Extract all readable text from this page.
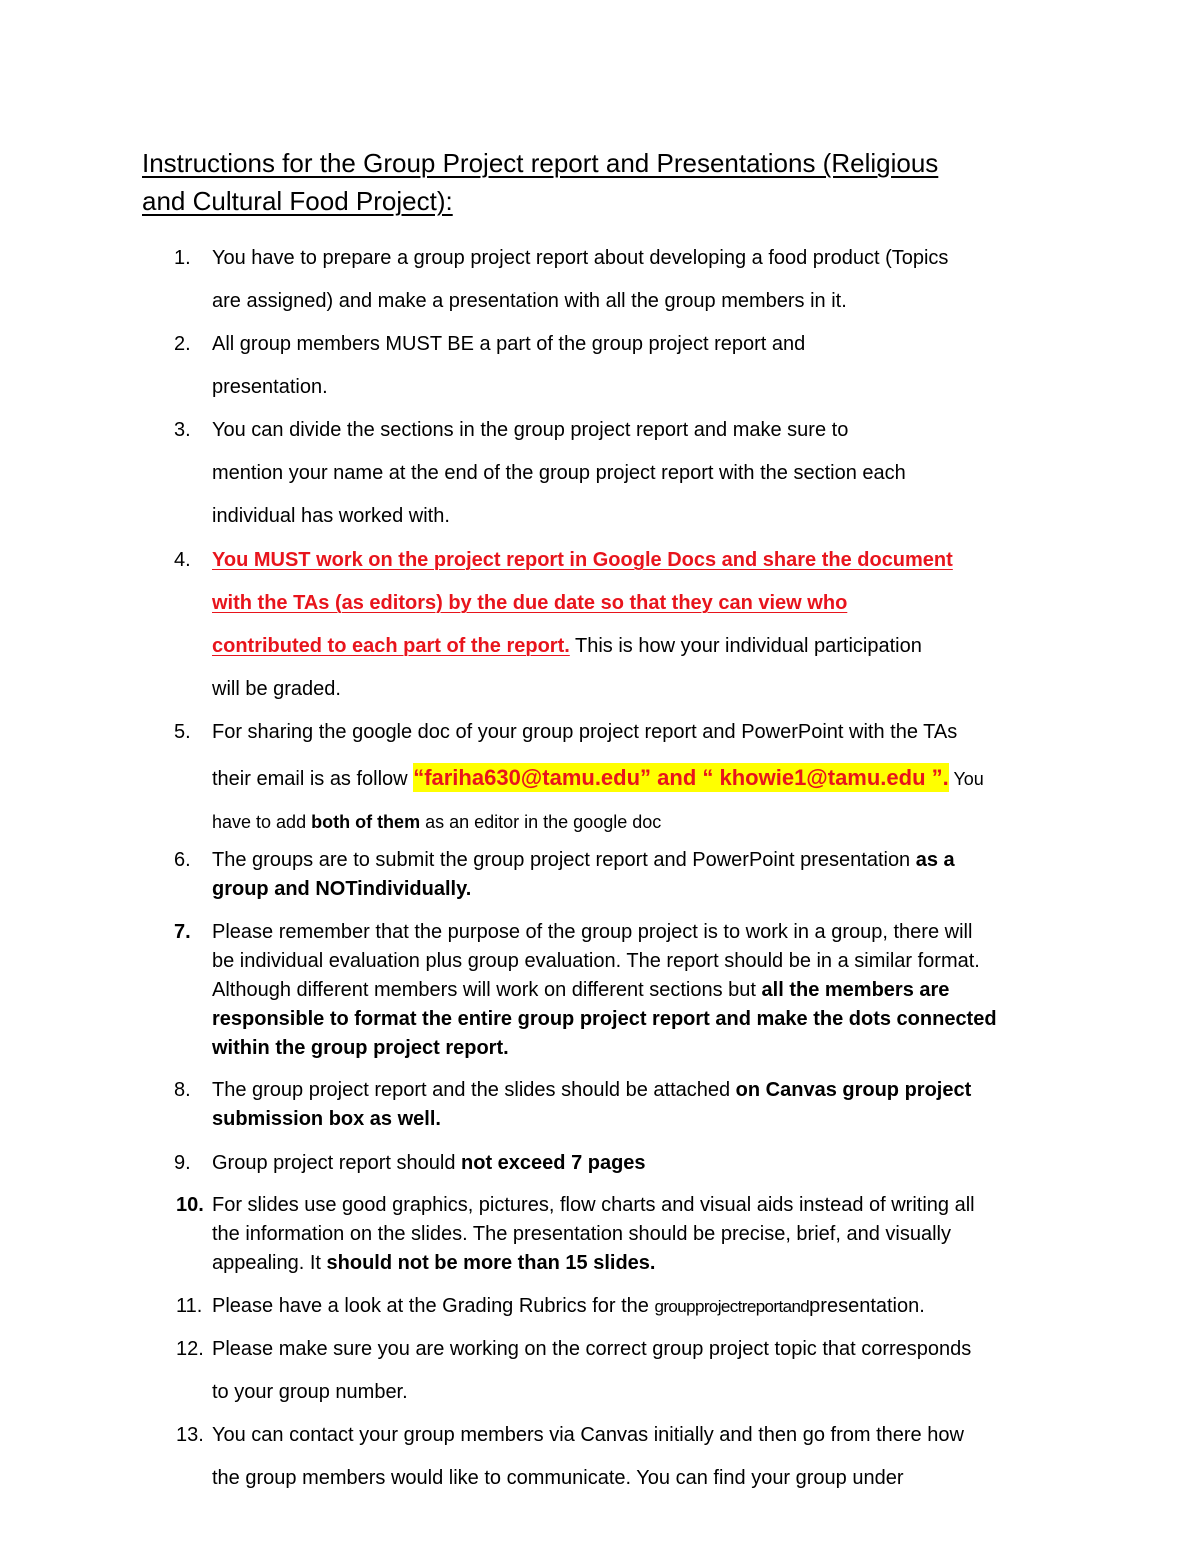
Instructions for the Group Project report and Presentations (Religious
and Cultural Food Project):
1.	You have to prepare a group project report about developing a food product (Topics
are assigned) and make a presentation with all the group members in it.
2.	All group members MUST BE a part of the group project report and
presentation.
3.	You can divide the sections in the group project report and make sure to
mention your name at the end of the group project report with the section each
individual has worked with.
4.	You MUST work on the project report in Google Docs and share the document
with the TAs (as editors) by the due date so that they can view who
contributed to each part of the report. This is how your individual participation
will be graded.
5.	For sharing the google doc of your group project report and PowerPoint with the TAs
their email is as follow “fariha630@tamu.edu” and “ khowie1@tamu.edu ”. You
have to add both of them as an editor in the google doc
6.	The groups are to submit the group project report and PowerPoint presentation as a
group and NOTindividually.
7.	Please remember that the purpose of the group project is to work in a group, there will
be individual evaluation plus group evaluation. The report should be in a similar format.
Although different members will work on different sections but all the members are
responsible to format the entire group project report and make the dots connected
within the group project report.
8.	The group project report and the slides should be attached on Canvas group project
submission box as well.
9.	Group project report should not exceed 7 pages
10. For slides use good graphics, pictures, flow charts and visual aids instead of writing all
the information on the slides. The presentation should be precise, brief, and visually
appealing. It should not be more than 15 slides.
11. Please have a look at the Grading Rubrics for the groupprojectreportandpresentation.
12. Please make sure you are working on the correct group project topic that corresponds
to your group number.
13. You can contact your group members via Canvas initially and then go from there how
the group members would like to communicate. You can find your group under
